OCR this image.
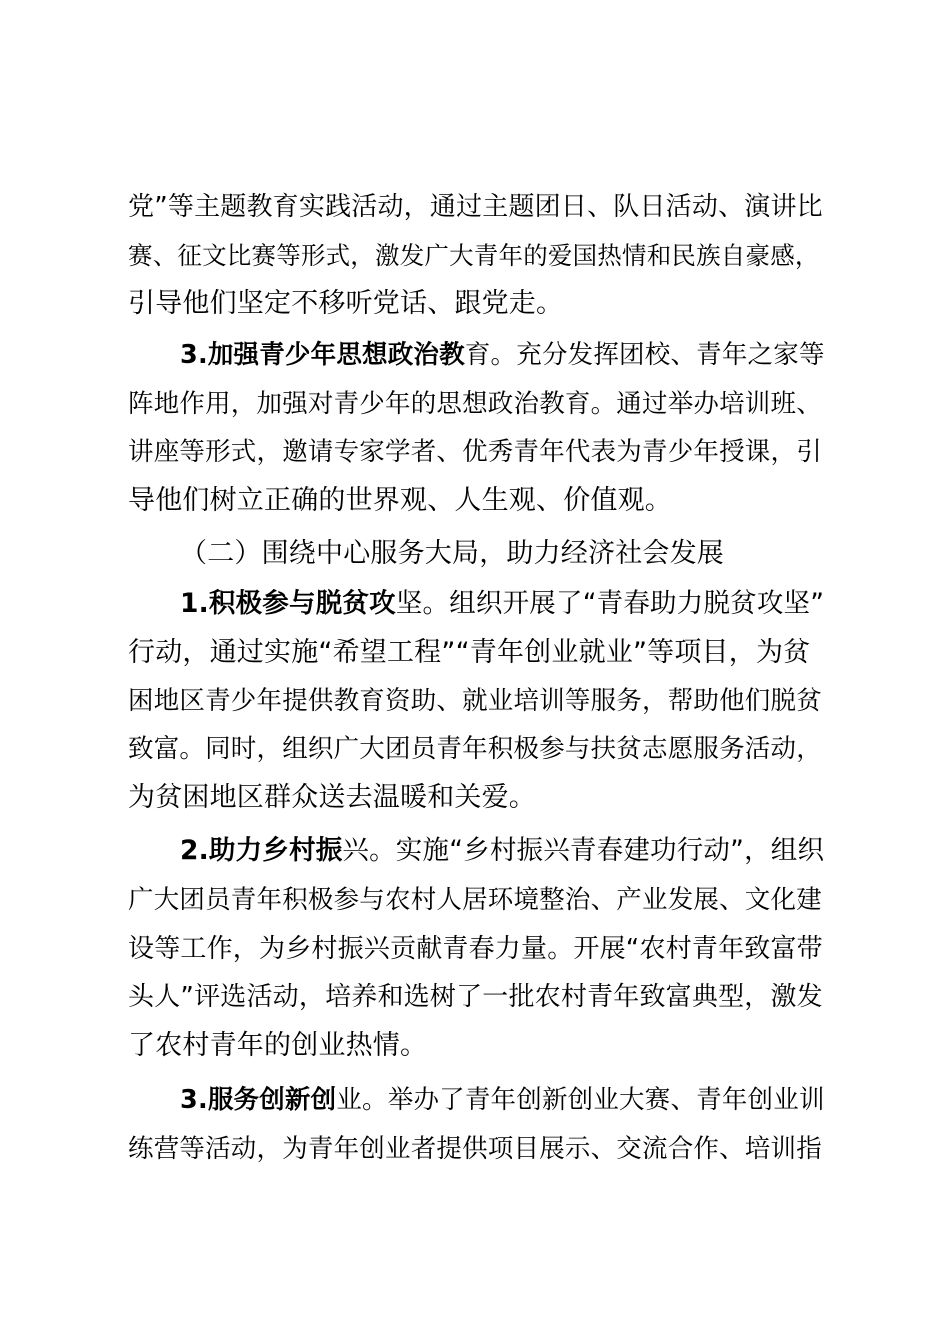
党”等主题教育实践活动，通过主题团日、队日活动、演讲比
赛、征文比赛等形式，激发广大青年的爱国热情和民族自豪感，
引导他们坚定不移听党话、跟党走。
3.加强青少年思想政治教育。充分发挥团校、青年之家等
阵地作用，加强对青少年的思想政治教育。通过举办培训班、
讲座等形式，邀请专家学者、优秀青年代表为青少年授课，引
导他们树立正确的世界观、人生观、价值观。
（二）围绕中心服务大局，助力经济社会发展
1.积极参与脱贫攻坚。组织开展了“青春助力脱贫攻坚”
行动，通过实施“希望工程”“青年创业就业”等项目，为贫
困地区青少年提供教育资助、就业培训等服务，帮助他们脱贫
致富。同时，组织广大团员青年积极参与扶贫志愿服务活动，
为贫困地区群众送去温暖和关爱。
2.助力乡村振兴。实施“乡村振兴青春建功行动”，组织
广大团员青年积极参与农村人居环境整治、产业发展、文化建
设等工作，为乡村振兴贡献青春力量。开展“农村青年致富带
头人”评选活动，培养和选树了一批农村青年致富典型，激发
了农村青年的创业热情。
3.服务创新创业。举办了青年创新创业大赛、青年创业训
练营等活动，为青年创业者提供项目展示、交流合作、培训指
